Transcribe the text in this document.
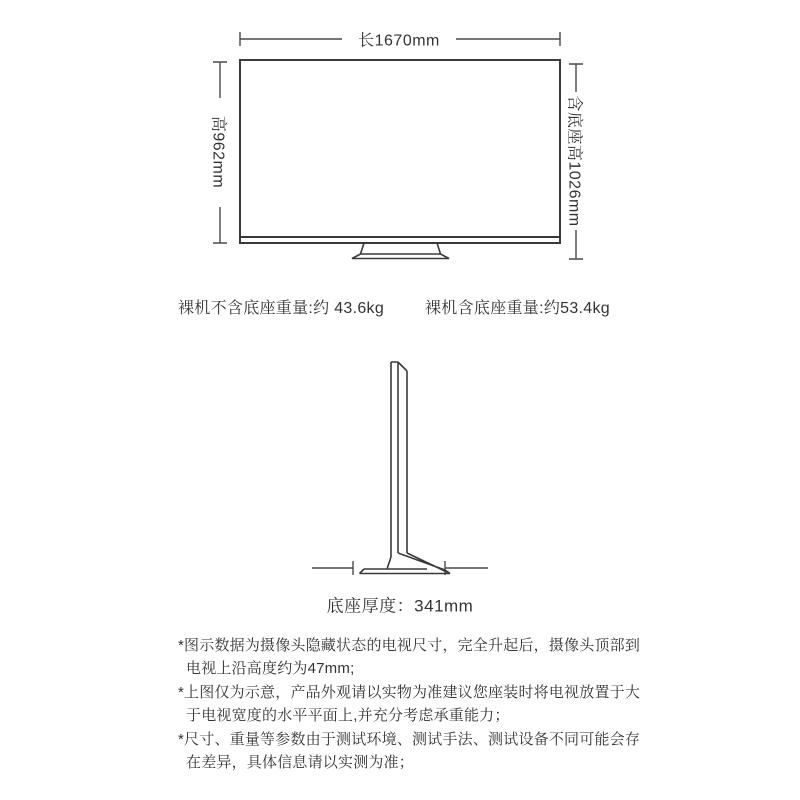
长1670mm
高962mm	含底座高1026mm
裸机不含底座重量:约 43.6kg	裸机含底座重量:约53.4kg
底座厚度：341mm
*图示数据为摄像头隐藏状态的电视尺寸，完全升起后，摄像头顶部到
电视上沿高度约为47mm;
*上图仅为示意，产品外观请以实物为准建议您座装时将电视放置于大
于电视宽度的水平平面上,并充分考虑承重能力；
*尺寸、重量等参数由于测试环境、测试手法、测试设备不同可能会存
在差异，具体信息请以实测为准；
